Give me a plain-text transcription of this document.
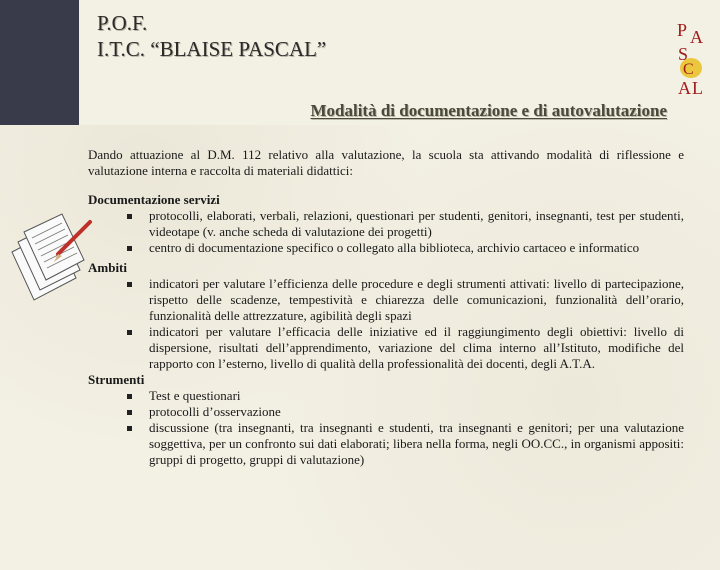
P.O.F.
I.T.C. “BLAISE PASCAL”
Modalità di documentazione e di autovalutazione
P A
S
C
A L

Dando attuazione al D.M. 112 relativo alla valutazione, la scuola sta attivando modalità di riflessione e valutazione interna e raccolta di materiali didattici:

Documentazione servizi

protocolli, elaborati, verbali, relazioni, questionari per studenti, genitori, insegnanti, test per studenti, videotape (v. anche scheda di valutazione dei progetti)
centro di documentazione specifico o collegato alla biblioteca, archivio cartaceo e informatico

Ambiti

indicatori per valutare l’efficienza delle procedure e degli strumenti attivati: livello di partecipazione, rispetto delle scadenze, tempestività e chiarezza delle comunicazioni, funzionalità dell’orario, funzionalità delle attrezzature, agibilità degli spazi
indicatori per valutare l’efficacia delle iniziative ed il raggiungimento degli obiettivi: livello di dispersione, risultati dell’apprendimento, variazione del clima interno all’Istituto, modifiche del rapporto con l’esterno, livello di qualità della professionalità dei docenti, degli A.T.A.

Strumenti

Test e questionari
protocolli d’osservazione
discussione (tra insegnanti, tra insegnanti e studenti, tra insegnanti e genitori; per una valutazione soggettiva, per un confronto sui dati elaborati; libera nella forma, negli OO.CC., in organismi appositi: gruppi di progetto, gruppi di valutazione)
